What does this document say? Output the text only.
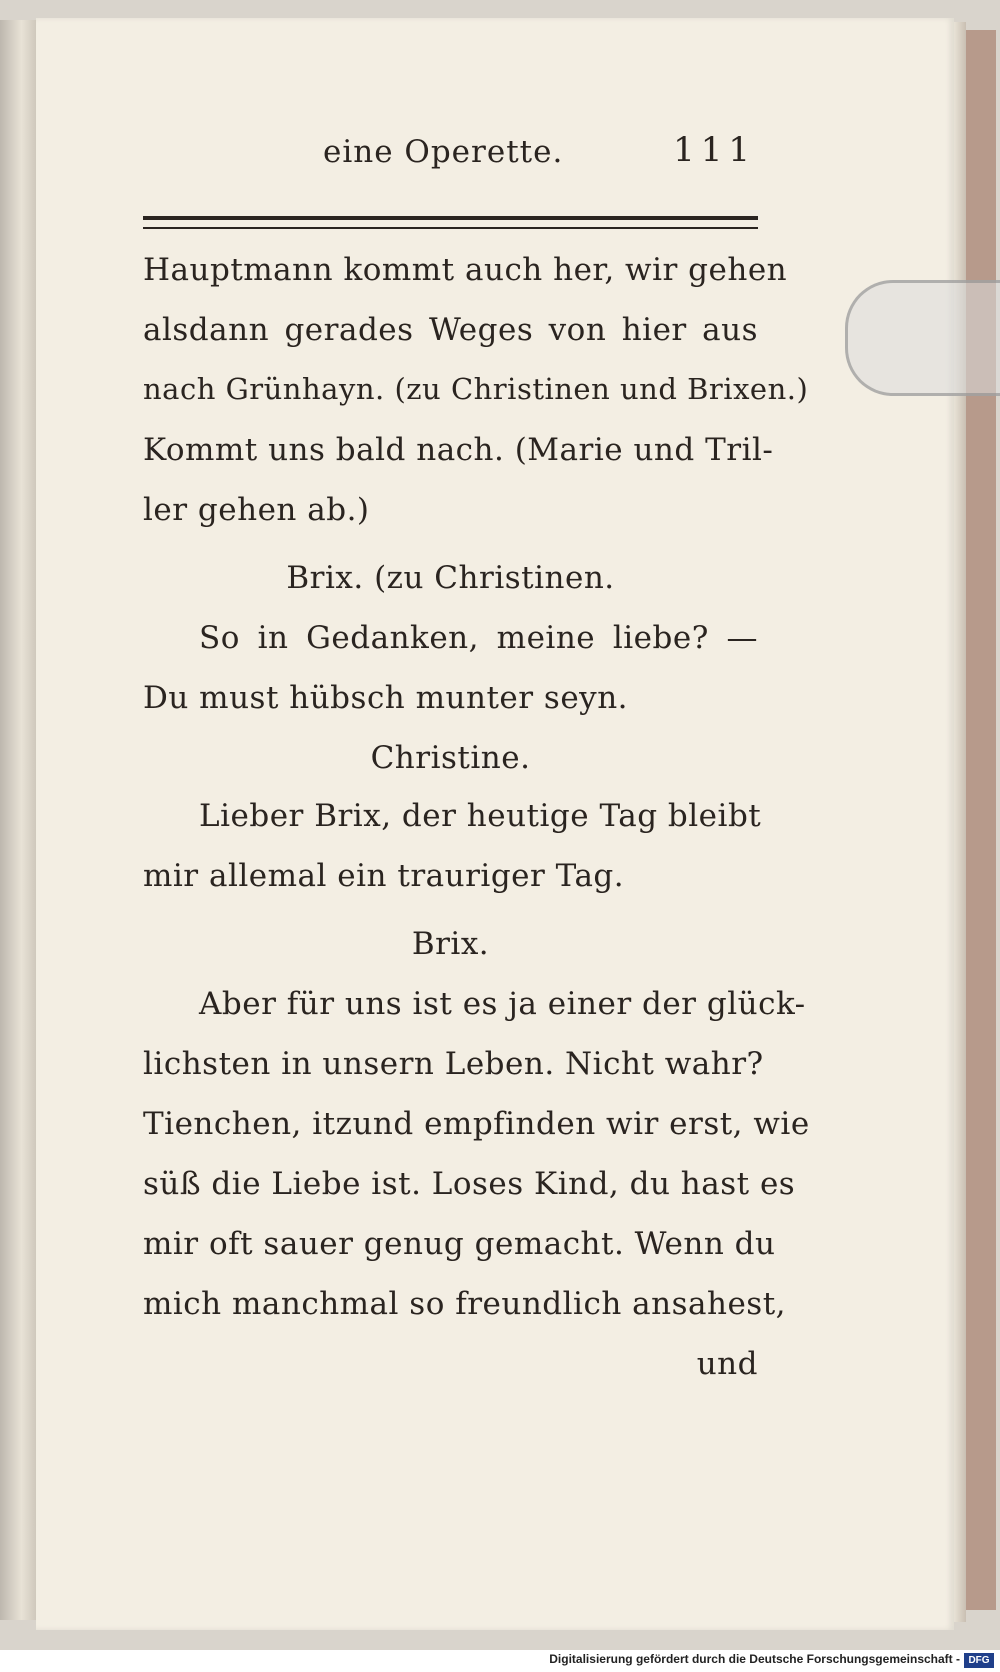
eine Operette.	111
Hauptmann kommt auch her, wir gehen
alsdann gerades Weges von hier aus
nach Grünhayn. (zu Christinen und Brixen.)
Kommt uns bald nach. (Marie und Tril-
ler gehen ab.)
Brix. (zu Christinen.
So in Gedanken, meine liebe? —
Du must hübsch munter seyn.
Christine.
Lieber Brix, der heutige Tag bleibt
mir allemal ein trauriger Tag.
Brix.
Aber für uns ist es ja einer der glück-
lichsten in unsern Leben. Nicht wahr?
Tienchen, itzund empfinden wir erst, wie
süß die Liebe ist. Loses Kind, du hast es
mir oft sauer genug gemacht. Wenn du
mich manchmal so freundlich ansahest,
und
Digitalisierung gefördert durch die Deutsche Forschungsgemeinschaft - DFG
